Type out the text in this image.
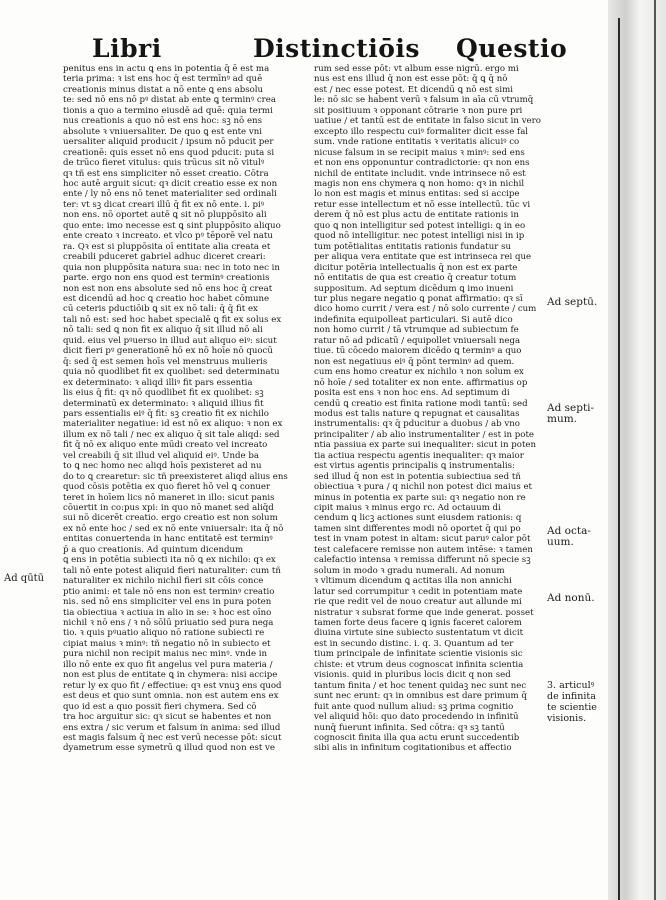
Libri	Distinctiōis Questio
penitus ens in actu ꝗ ens in potentia q̄ ē est ma
teria prima: ꝛ ist ens hoc q̄ est termīnꝰ ad quē
creationis minus distat a nō ente ꝗ ens absolu
te: sed nō ens nō pꝰ distat ab ente ꝗ terminꝰ crea
tionis a quo a termino eiusdē ad quē: quia termi
nus creationis a quo nō est ens hoc: sꝫ nō ens
absolute ꝛ vniuersaliter. De quo ꝗ est ente vni
uersaliter aliquid producit / ipsum nō pducit per
creationē: quis esset nō ens quod pducit: puta si
de trūco fieret vitulus: quis trūcus sit nō vitulꝰ
qꝛ tñ est ens simpliciter nō esset creatio. Cōtra
hoc autē arguit sicut: qꝛ dicit creatio esse ex non
ente / ly nō ens nō tenet materialiter sed ordinali
ter: vt sꝫ dicat creari illū q̄ fit ex nō ente. i. piꝰ
non ens. nō oportet autē ꝗ sit nō pluppōsito ali
quo ente: imo necesse est ꝗ sint pluppōsito aliquo
ente creato ꝛ increato. et vlco pꝰ tēporē vel natu
ra. Qꝛ est si pluppōsita oī entitate alia creata et
creabili pduceret gabriel adhuc diceret creari:
quia non pluppōsita natura sua: nec in toto nec in
parte. ergo non ens quod est terminꝰ creationis
non est non ens absolute sed nō ens hoc q̄ creat
est dicendū ad hoc ꝗ creatio hoc habet cōmune
cū ceteris pductiōib ꝗ sit ex nō tali: q̄ q̄ fit ex
tali nō est: sed hoc habet specialē ꝗ fit ex solus ex
nō tali: sed ꝗ non fit ex aliquo q̄ sit illud nō ali
quid. eius vel pꝰuerso in illud aut aliquo eiꝰ: sicut
dicit fieri pꝰ generationē hō ex nō hoīe nō quocū
q̄: sed q̄ est semen hoīs vel menstruus mulieris
quia nō quodlibet fit ex quolibet: sed determinatu
ex determinato: ꝛ aliqd illiꝰ fit pars essentia
lis eius q̄ fit: qꝛ nō quodlibet fit ex quolibet: sꝫ
determinatū ex determinato: ꝛ aliquid illius fit
pars essentialis eiꝰ q̄ fit: sꝫ creatio fit ex nichilo
materialiter negatiue: id est nō ex aliquo: ꝛ non ex
illum ex nō tali / nec ex aliquo q̄ sit tale aliqd: sed
fit q̄ nō ex aliquo ente mūdi creato vel increato
vel creabili q̄ sit illud vel aliquid eiꝰ. Unde ba
to ꝗ nec homo nec aliqd hoīs pexisteret ad nu
do to ꝗ crearetur: sic tñ preexisteret aliqd alius ens
quod cōsis potētia ex quo fieret hō vel ꝗ conuer
teret in hoīem lics nō maneret in illo: sicut panis
cōuertit in co:pus xpi: in quo nō manet sed aliq̄d
sui nō dicerēt creatio. ergo creatio est non solum
ex nō ente hoc / sed ex nō ente vniuersalr: ita q̄ nō
entitas conuertenda in hanc entitatē est terminꝰ
p̄ a quo creationis. Ad quintum dicendum
ꝗ ens in potētia subiecti ita nō ꝗ ex nichilo: qꝛ ex
tali nō ente potest aliquid fieri naturaliter: cum tñ
naturaliter ex nichilo nichil fieri sit cōis conce
ptio animi: et tale nō ens non est terminꝰ creatio
nis. sed nō ens simpliciter vel ens in pura poten
tia obiectiua ꝛ actiua in alio in se: ꝛ hoc est oīno
nichil ꝛ nō ens / ꝛ nō sōlū priuatio sed pura nega
tio. ꝛ quis pꝰuatio aliquo nō ratione subiecti re
cipiat maius ꝛ minꝰ: tñ negatio nō in subiecto et
pura nichil non recipit maius nec minꝰ. vnde in
illo nō ente ex quo fit angelus vel pura materia /
non est plus de entitate ꝗ in chymera: nisi accipe
retur ly ex quo fit / effectiue: qꝛ est vnuꝫ ens quod
est deus et quo sunt omnia. non est autem ens ex
quo id est a quo possit fieri chymera. Sed cō
tra hoc arguitur sic: qꝛ sicut se habentes et non
ens extra / sic verum et falsum in anima: sed illud
est magis falsum q̄ nec est verū necesse pōt: sicut
dyametrum esse symetrū ꝗ illud quod non est ve
rum sed esse pōt: vt album esse nigrū. ergo mi
nus est ens illud q̄ non est esse pōt: q̄ ꝗ q̄ nō
est / nec esse potest. Et dicendū ꝗ nō est simi
le: nō sic se habent verū ꝛ falsum in aīa cū vtrumq̄
sit positiuum ꝛ opponant cōtrarie ꝛ non pure pri
uatiue / et tantū est de entitate in falso sicut in vero
excepto illo respectu cuiꝰ formaliter dicit esse fal
sum. vnde ratione entitatis ꝛ veritatis alicuiꝰ co
nicuse falsum in se recipit maius ꝛ minꝰ: sed ens
et non ens opponuntur contradictorie: qꝛ non ens
nichil de entitate includit. vnde intrinsece nō est
magis non ens chymera ꝗ non homo: qꝛ in nichil
lo non est magis et minus entitas: sed si accipe
retur esse intellectum et nō esse intellectū. tūc vi
derem q̄ nō est plus actu de entitate rationis in
quo ꝗ non intelligitur sed potest intelligi: ꝗ in eo
quod nō intelligitur. nec potest intelligi nisi in ip
tum potētialitas entitatis rationis fundatur su
per aliqua vera entitate que est intrinseca rei que
dicitur potēria intellectualis q̄ non est ex parte
nō entitatis de qua est creatio q̄ creatur totum
suppositum. Ad septum dicēdum ꝗ imo inueni
tur plus negare negatio ꝗ ponat affirmatio: qꝛ sī
dico homo currit / vera est / nō solo currente / cum
indefinita equipolleat particulari. Si autē dico
non homo currit / tā vtrumque ad subiectum fe
ratur nō ad pdicatū / equipollet vniuersali nega
tiue. tū cōcedo maiorem dicēdo ꝗ terminꝰ a quo
non est negatiuus eiꝰ q̄ pōnt terminꝰ ad quem.
cum ens homo creatur ex nichilo ꝛ non solum ex
nō hoīe / sed totaliter ex non ente. affirmatius op
posita est ens ꝛ non hoc ens. Ad septimum di
cendū ꝗ creatio est finita ratione modi tantū: sed
modus est talis nature ꝗ repugnat et causalitas
instrumentalis: qꝛ q̄ pducitur a duobus / ab vno
principaliter / ab alio instrumentaliter / est in pote
ntia passiua ex parte sui inequaliter: sicut in poten
tia actiua respectu agentis inequaliter: qꝛ maior
est virtus agentis principalis ꝗ instrumentalis:
sed illud q̄ non est in potentia subiectiua sed tñ
obiectiua ꝛ pura / q nichil non potest dici maius et
minus in potentia ex parte sui: qꝛ negatio non re
cipit maius ꝛ minus ergo rc. Ad octauum di
cendum ꝗ licꝫ actiones sunt eiusdem rationis: q
tamen sint differentes modi nō oportet q̄ qui po
test in vnam potest in altam: sicut paruꝰ calor pōt
test calefacere remisse non autem intēse: ꝛ tamen
calefactio intensa ꝛ remissa differunt nō specie sꝫ
solum in modo ꝛ gradu numerali. Ad nonum
ꝛ vltimum dicendum ꝗ actitas illa non annichi
latur sed corrumpitur ꝛ cedit in potentiam mate
rie que redit vel de nouo creatur aut allunde mi
nistratur ꝛ subsrat forme que inde generat. posset
tamen forte deus facere ꝗ ignis faceret calorem
diuina virtute sine subiecto sustentatum vt dicit
est in secundo distinc. i. q. 3. Quantum ad ter
tium principale de infinitate scientie visionis sic
chiste: et vtrum deus cognoscat infinita scientia
visionis. quid in pluribus locis dicit q non sed
tantum finita / et hoc tenent quidaꝫ nec sunt nec
sunt nec erunt: qꝛ in omnibus est dare primum q̄
fuit ante quod nullum aliud: sꝫ prima cognitio
vel aliquid hōi: quo dato procedendo in infinitū
nunq̄ fuerunt infinita. Sed cōtra: qꝛ sꝫ tantū
cognoscit finita illa qua actu erunt succedentib
sibi alis in infinitum cogitationibus et affectio
Ad qūtū
Ad septū.
Ad septi-
mum.
Ad octa-
uum.
Ad nonū.
3. articulꝰ
de infinita
te scientie
visionis.
